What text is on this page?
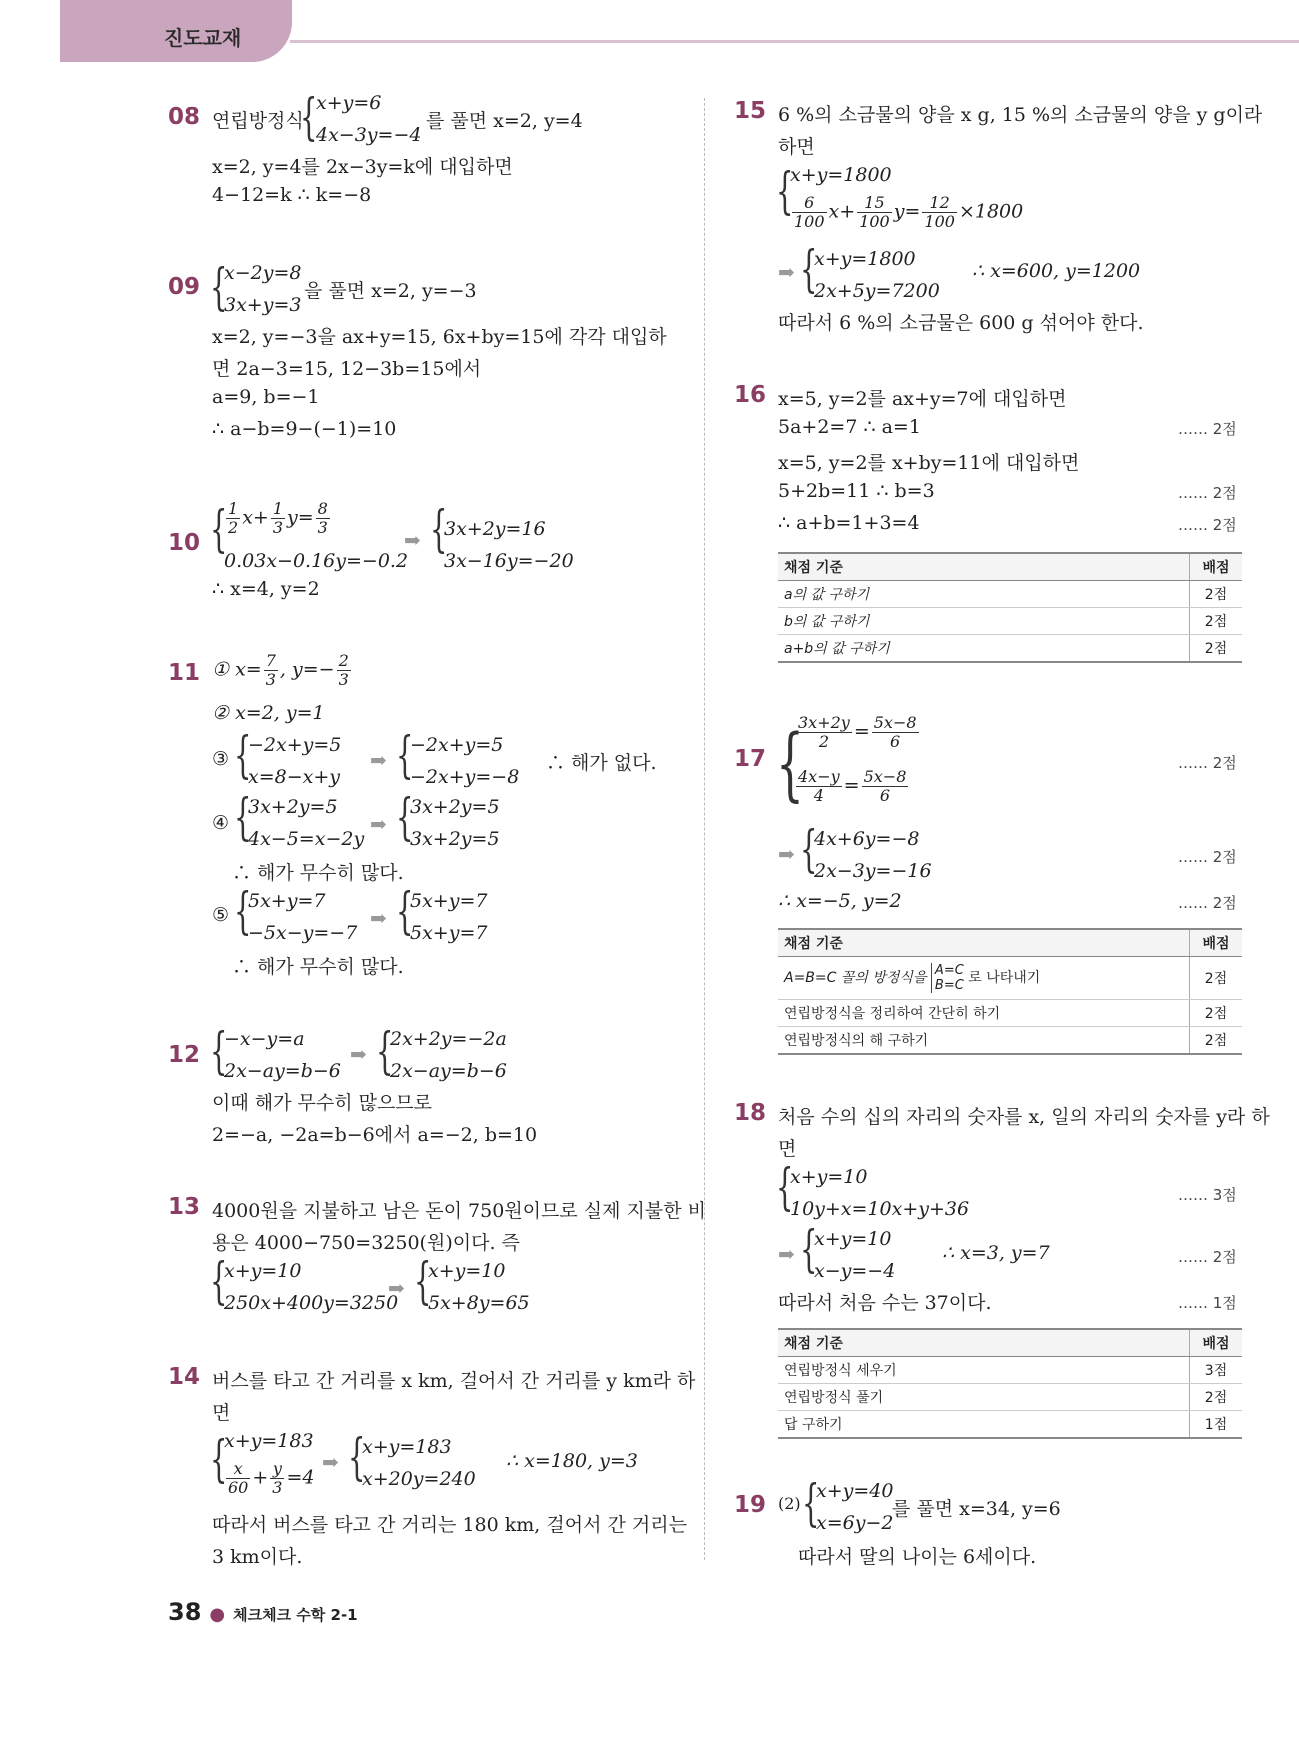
진도교재
08 연립방정식
{
x+y=6
4x−3y=−4
를 풀면 x=2, y=4
x=2, y=4를 2x−3y=k에 대입하면
4−12=k ∴ k=−8
09 {
x−2y=8
3x+y=3
을 풀면 x=2, y=−3
x=2, y=−3을 ax+y=15, 6x+by=15에 각각 대입하
면 2a−3=15, 12−3b=15에서
a=9, b=−1
∴ a−b=9−(−1)=10
10 {
$\frac{1}{2} x+ \frac{1}{3} y= \frac{8}{3}$
0.03x−0.16y=−0.2
➡ {
3x+2y=16
3x−16y=−20
∴ x=4, y=2
11 ① $x= \frac{7}{3}$ , $y=- \frac{2}{3}$
② x=2, y=1
③ {
−2x+y=5
x=8−x+y
➡ {
−2x+y=5
−2x+y=−8
∴ 해가 없다.
④ {
3x+2y=5
4x−5=x−2y
➡ {
3x+2y=5
3x+2y=5
∴ 해가 무수히 많다.
⑤ {
5x+y=7
−5x−y=−7
➡ {
5x+y=7
5x+y=7
∴ 해가 무수히 많다.
12 {
−x−y=a
2x−ay=b−6
➡ {
2x+2y=−2a
2x−ay=b−6
이때 해가 무수히 많으므로
2=−a, −2a=b−6에서 a=−2, b=10
13 4000원을 지불하고 남은 돈이 750원이므로 실제 지불한 비
용은 4000−750=3250(원)이다. 즉
{
x+y=10
250x+400y=3250
➡ {
x+y=10
5x+8y=65
14 버스를 타고 간 거리를 x km, 걸어서 간 거리를 y km라 하
면
{
x+y=183
$\frac{x}{60} + \frac{y}{3} =4$
➡ {
x+y=183
x+20y=240
∴ x=180, y=3
따라서 버스를 타고 간 거리는 180 km, 걸어서 간 거리는
3 km이다.
15 6 %의 소금물의 양을 x g, 15 %의 소금물의 양을 y g이라
하면
{
x+y=1800
$\frac{6}{100} x+ \frac{15}{100} y= \frac{12}{100} \times 1800$
➡ {
x+y=1800
2x+5y=7200
∴ x=600, y=1200
따라서 6 %의 소금물은 600 g 섞어야 한다.
16 x=5, y=2를 ax+y=7에 대입하면
5a+2=7 ∴ a=1
x=5, y=2를 x+by=11에 대입하면
5+2b=11 ∴ b=3
∴ a+b=1+3=4
…… 2점
…… 2점
…… 2점
채점 기준	배점
a의 값 구하기	2점
b의 값 구하기	2점
a+b의 값 구하기	2점
17 {
$\frac{3x+2y}{2} = \frac{5x-8}{6}$
$\frac{4x-y}{4} = \frac{5x-8}{6}$
➡ {
4x+6y=−8
2x−3y=−16
∴ x=−5, y=2
…… 2점
…… 2점
…… 2점
채점 기준	배점
A=B=C 꼴의 방정식을 A=C
B=C 로 나타내기	2점
연립방정식을 정리하여 간단히 하기	2점
연립방정식의 해 구하기	2점
18 처음 수의 십의 자리의 숫자를 x, 일의 자리의 숫자를 y라 하
면
{
x+y=10
10y+x=10x+y+36
➡ {
x+y=10
x−y=−4
∴ x=3, y=7
따라서 처음 수는 37이다.
…… 3점
…… 2점
…… 1점
채점 기준	배점
연립방정식 세우기	3점
연립방정식 풀기	2점
답 구하기	1점
19 (2) {
x+y=40
x=6y−2
를 풀면 x=34, y=6
따라서 딸의 나이는 6세이다.
38 ● 체크체크 수학 2-1
